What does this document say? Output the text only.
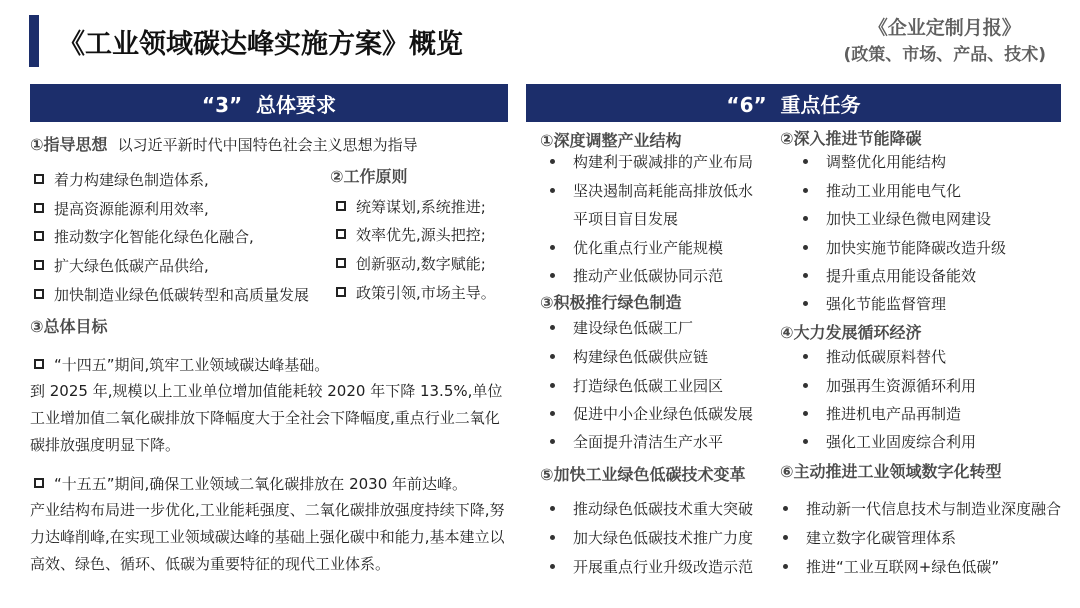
《工业领域碳达峰实施方案》概览
《企业定制月报》
(政策、市场、产品、技术)
“3”  总体要求	“6”  重点任务
①指导思想 以习近平新时代中国特色社会主义思想为指导
着力构建绿色制造体系,
提高资源能源利用效率,
推动数字化智能化绿色化融合,
扩大绿色低碳产品供给,
加快制造业绿色低碳转型和高质量发展
②工作原则
统筹谋划,系统推进;
效率优先,源头把控;
创新驱动,数字赋能;
政策引领,市场主导。
③总体目标
“十四五”期间,筑牢工业领域碳达峰基础。
到 2025 年,规模以上工业单位增加值能耗较 2020 年下降 13.5%,单位工业增加值二氧化碳排放下降幅度大于全社会下降幅度,重点行业二氧化碳排放强度明显下降。
“十五五”期间,确保工业领域二氧化碳排放在 2030 年前达峰。
产业结构布局进一步优化,工业能耗强度、二氧化碳排放强度持续下降,努力达峰削峰,在实现工业领域碳达峰的基础上强化碳中和能力,基本建立以高效、绿色、循环、低碳为重要特征的现代工业体系。
①深度调整产业结构
构建利于碳减排的产业布局
坚决遏制高耗能高排放低水
平项目盲目发展
优化重点行业产能规模
推动产业低碳协同示范
②深入推进节能降碳
调整优化用能结构
推动工业用能电气化
加快工业绿色微电网建设
加快实施节能降碳改造升级
提升重点用能设备能效
强化节能监督管理
③积极推行绿色制造
建设绿色低碳工厂
构建绿色低碳供应链
打造绿色低碳工业园区
促进中小企业绿色低碳发展
全面提升清洁生产水平
④大力发展循环经济
推动低碳原料替代
加强再生资源循环利用
推进机电产品再制造
强化工业固废综合利用
⑤加快工业绿色低碳技术变革
推动绿色低碳技术重大突破
加大绿色低碳技术推广力度
开展重点行业升级改造示范
⑥主动推进工业领域数字化转型
推动新一代信息技术与制造业深度融合
建立数字化碳管理体系
推进“工业互联网+绿色低碳”
